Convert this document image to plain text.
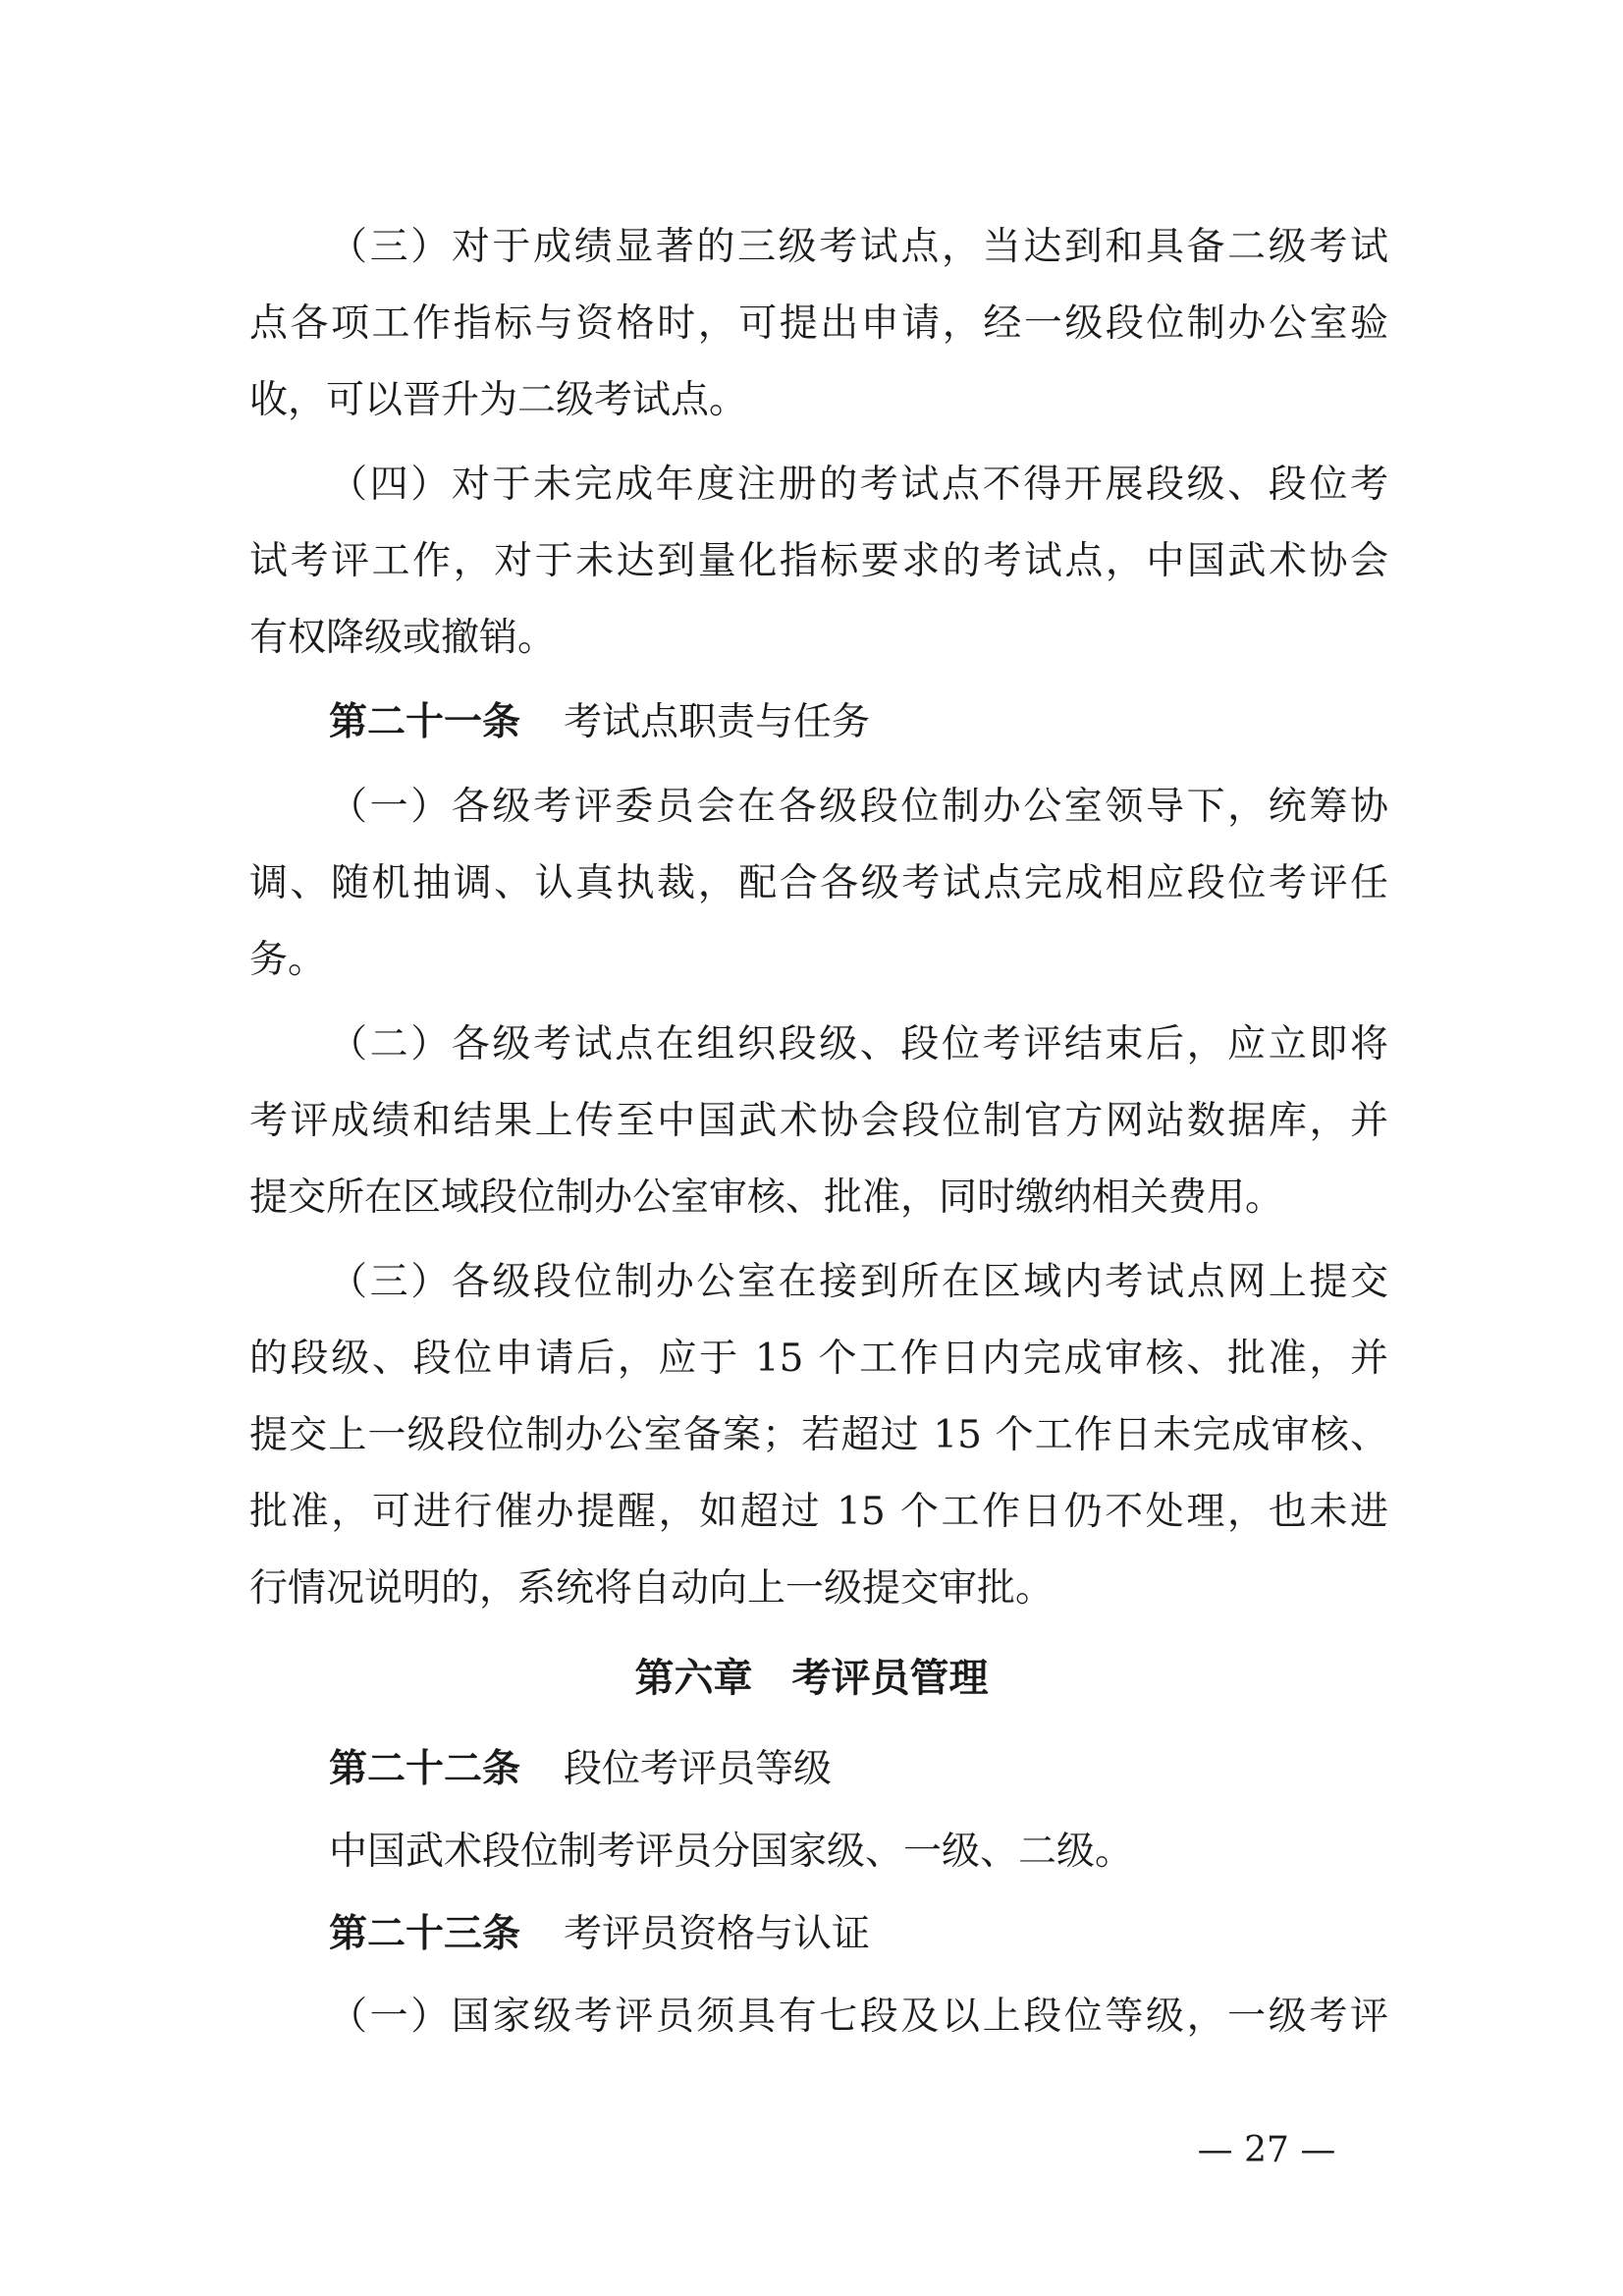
（三）对于成绩显著的三级考试点，当达到和具备二级考试
点各项工作指标与资格时，可提出申请，经一级段位制办公室验
收，可以晋升为二级考试点。
（四）对于未完成年度注册的考试点不得开展段级、段位考
试考评工作，对于未达到量化指标要求的考试点，中国武术协会
有权降级或撤销。
第二十一条 考试点职责与任务
（一）各级考评委员会在各级段位制办公室领导下，统筹协
调、随机抽调、认真执裁，配合各级考试点完成相应段位考评任
务。
（二）各级考试点在组织段级、段位考评结束后，应立即将
考评成绩和结果上传至中国武术协会段位制官方网站数据库，并
提交所在区域段位制办公室审核、批准，同时缴纳相关费用。
（三）各级段位制办公室在接到所在区域内考试点网上提交
的段级、段位申请后，应于 15 个工作日内完成审核、批准，并
提交上一级段位制办公室备案；若超过 15 个工作日未完成审核、
批准，可进行催办提醒，如超过 15 个工作日仍不处理，也未进
行情况说明的，系统将自动向上一级提交审批。
第六章　考评员管理
第二十二条 段位考评员等级
中国武术段位制考评员分国家级、一级、二级。
第二十三条 考评员资格与认证
（一）国家级考评员须具有七段及以上段位等级，一级考评
— 27 —
